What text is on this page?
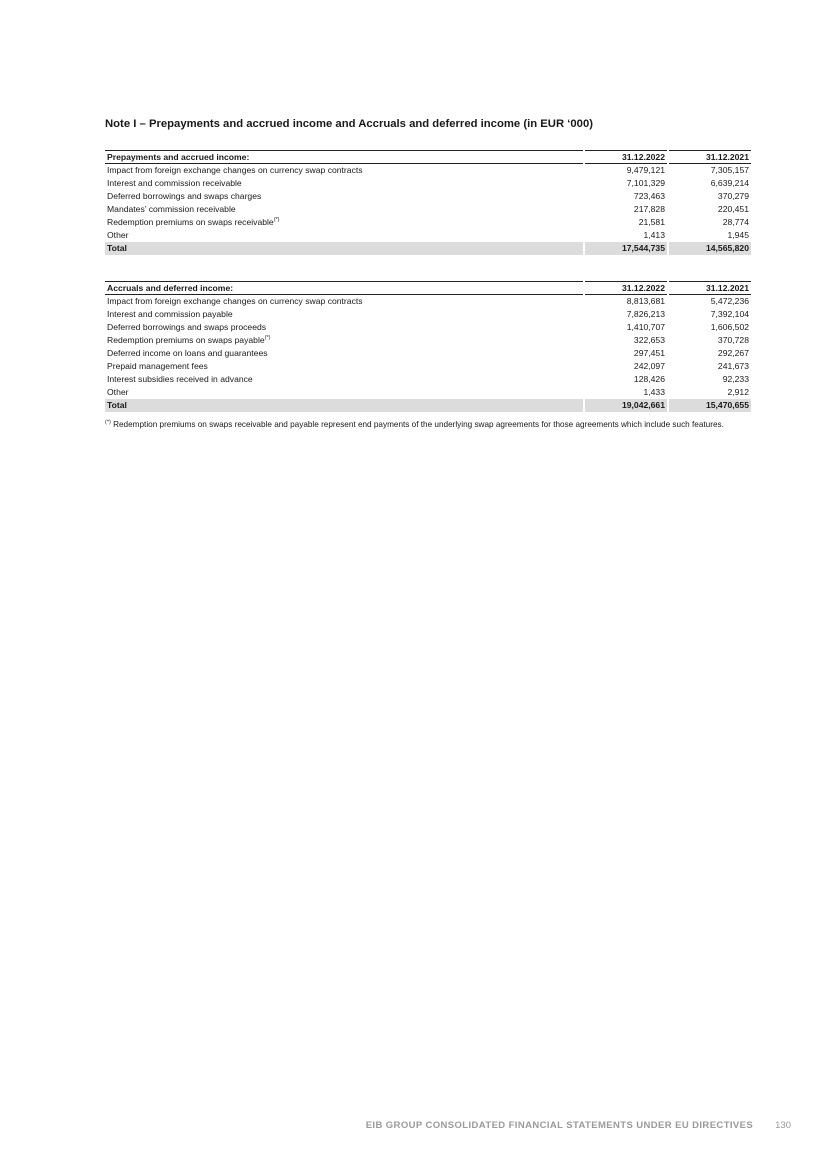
Note I – Prepayments and accrued income and Accruals and deferred income (in EUR ‘000)
Prepayments and accrued income:		31.12.2022		31.12.2021
Impact from foreign exchange changes on currency swap contracts		9,479,121		7,305,157
Interest and commission receivable		7,101,329		6,639,214
Deferred borrowings and swaps charges		723,463		370,279
Mandates’ commission receivable		217,828		220,451
Redemption premiums on swaps receivable(*)		21,581		28,774
Other		1,413		1,945
Total		17,544,735		14,565,820
Accruals and deferred income:		31.12.2022		31.12.2021
Impact from foreign exchange changes on currency swap contracts		8,813,681		5,472,236
Interest and commission payable		7,826,213		7,392,104
Deferred borrowings and swaps proceeds		1,410,707		1,606,502
Redemption premiums on swaps payable(*)		322,653		370,728
Deferred income on loans and guarantees		297,451		292,267
Prepaid management fees		242,097		241,673
Interest subsidies received in advance		128,426		92,233
Other		1,433		2,912
Total		19,042,661		15,470,655

(*) Redemption premiums on swaps receivable and payable represent end payments of the underlying swap agreements for those agreements which include such features.

EIB GROUP CONSOLIDATED FINANCIAL STATEMENTS UNDER EU DIRECTIVES 130
